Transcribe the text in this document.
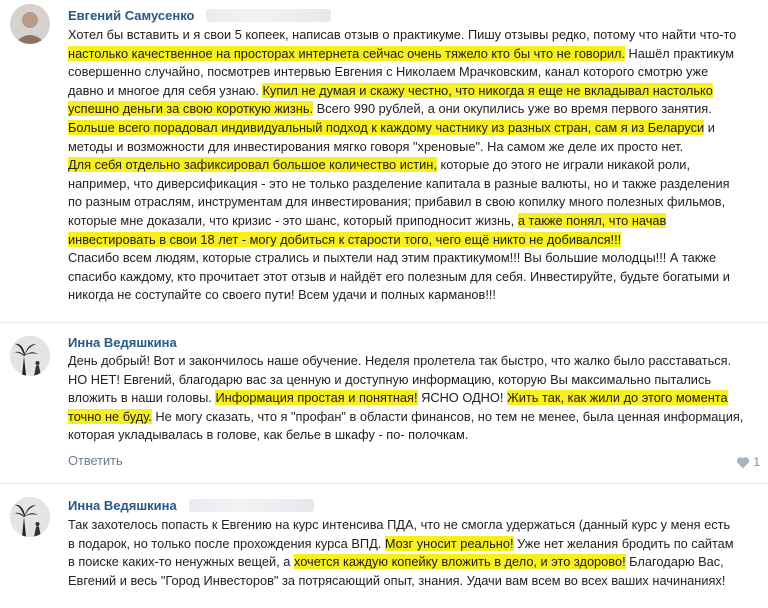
Евгений Самусенко

Хотел бы вставить и я свои 5 копеек, написав отзыв о практикуме. Пишу отзывы редко, потому что найти что-то

настолько качественное на просторах интернета сейчас очень тяжело кто бы что не говорил. Нашёл практикум

совершенно случайно, посмотрев интервью Евгения с Николаем Мрачковским, канал которого смотрю уже

давно и многое для себя узнаю. Купил не думая и скажу честно, что никогда я еще не вкладывал настолько

успешно деньги за свою короткую жизнь. Всего 990 рублей, а они окупились уже во время первого занятия.

Больше всего порадовал индивидуальный подход к каждому частнику из разных стран, сам я из Беларуси и

методы и возможности для инвестирования мягко говоря "хреновые". На самом же деле их просто нет.

Для себя отдельно зафиксировал большое количество истин, которые до этого не играли никакой роли,

например, что диверсификация - это не только разделение капитала в разные валюты, но и также разделения

по разным отраслям, инструментам для инвестирования; прибавил в свою копилку много полезных фильмов,

которые мне доказали, что кризис - это шанс, который приподносит жизнь, а также понял, что начав

инвестировать в свои 18 лет - могу добиться к старости того, чего ещё никто не добивался!!!

Спасибо всем людям, которые стрались и пыхтели над этим практикумом!!! Вы большие молодцы!!! А также

спасибо каждому, кто прочитает этот отзыв и найдёт его полезным для себя. Инвестируйте, будьте богатыми и

никогда не соступайте со своего пути! Всем удачи и полных карманов!!!

Инна Ведяшкина

День добрый! Вот и закончилось наше обучение. Неделя пролетела так быстро, что жалко было расставаться.

НО НЕТ! Евгений, благодарю вас за ценную и доступную информацию, которую Вы максимально пытались

вложить в наши головы. Информация простая и понятная! ЯСНО ОДНО! Жить так, как жили до этого момента

точно не буду. Не могу сказать, что я "профан" в области финансов, но тем не менее, была ценная информация,

которая укладывалась в голове, как белье в шкафу - по- полочкам.

Ответить	1
Инна Ведяшкина

Так захотелось попасть к Евгению на курс интенсива ПДА, что не смогла удержаться (данный курс у меня есть

в подарок, но только после прохождения курса ВПД. Мозг уносит реально! Уже нет желания бродить по сайтам

в поиске каких-то ненужных вещей, а хочется каждую копейку вложить в дело, и это здорово! Благодарю Вас,

Евгений и весь "Город Инвесторов" за потрясающий опыт, знания. Удачи вам всем во всех ваших начинаниях!
